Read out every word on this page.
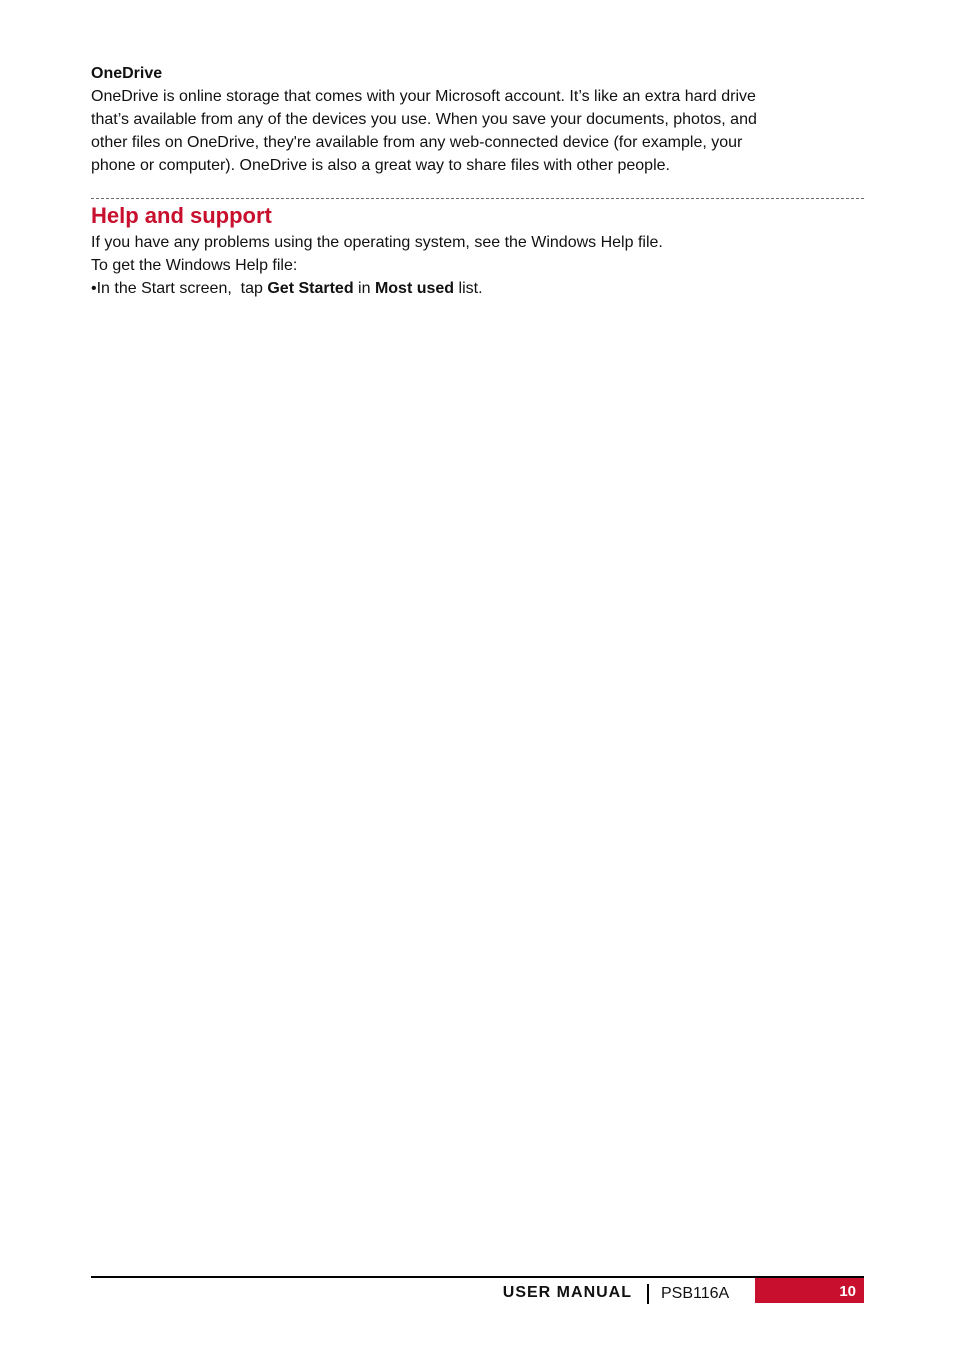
OneDrive

OneDrive is online storage that comes with your Microsoft account. It’s like an extra hard drive

that’s available from any of the devices you use. When you save your documents, photos, and

other files on OneDrive, they're available from any web-connected device (for example, your

phone or computer). OneDrive is also a great way to share files with other people.

Help and support

If you have any problems using the operating system, see the Windows Help file.

To get the Windows Help file:

•In the Start screen,  tap Get Started in Most used list.

USER MANUAL PSB116A	10
